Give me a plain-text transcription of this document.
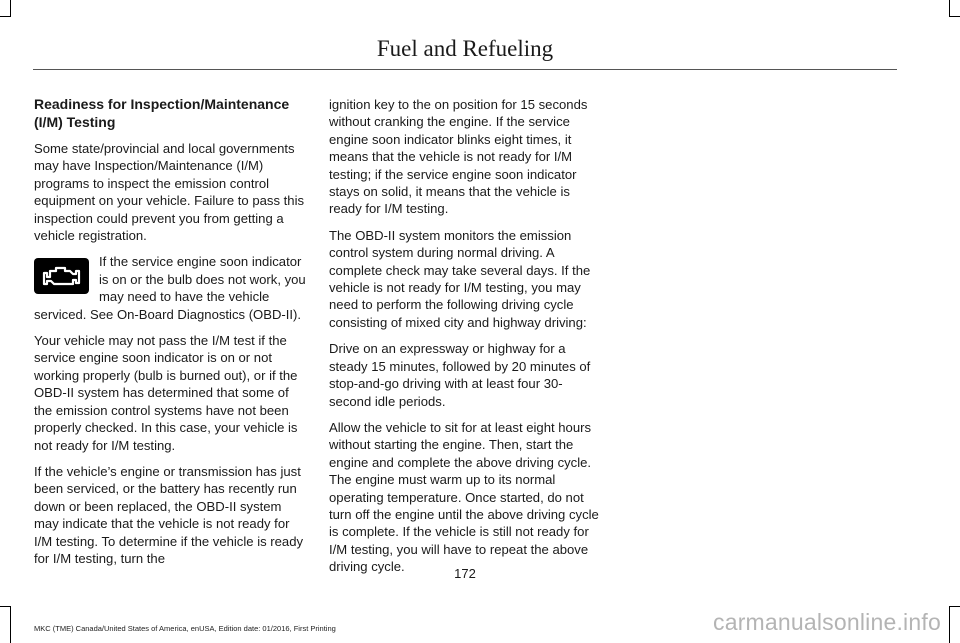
Fuel and Refueling
Readiness for Inspection/Maintenance (I/M) Testing

Some state/provincial and local governments may have Inspection/Maintenance (I/M) programs to inspect the emission control equipment on your vehicle. Failure to pass this inspection could prevent you from getting a vehicle registration.

If the service engine soon indicator is on or the bulb does not work, you may need to have the vehicle serviced. See On-Board Diagnostics (OBD-II).

Your vehicle may not pass the I/M test if the service engine soon indicator is on or not working properly (bulb is burned out), or if the OBD-II system has determined that some of the emission control systems have not been properly checked. In this case, your vehicle is not ready for I/M testing.

If the vehicle’s engine or transmission has just been serviced, or the battery has recently run down or been replaced, the OBD-II system may indicate that the vehicle is not ready for I/M testing. To determine if the vehicle is ready for I/M testing, turn the

ignition key to the on position for 15 seconds without cranking the engine. If the service engine soon indicator blinks eight times, it means that the vehicle is not ready for I/M testing; if the service engine soon indicator stays on solid, it means that the vehicle is ready for I/M testing.

The OBD-II system monitors the emission control system during normal driving. A complete check may take several days. If the vehicle is not ready for I/M testing, you may need to perform the following driving cycle consisting of mixed city and highway driving:

Drive on an expressway or highway for a steady 15 minutes, followed by 20 minutes of stop-and-go driving with at least four 30-second idle periods.

Allow the vehicle to sit for at least eight hours without starting the engine. Then, start the engine and complete the above driving cycle. The engine must warm up to its normal operating temperature. Once started, do not turn off the engine until the above driving cycle is complete. If the vehicle is still not ready for I/M testing, you will have to repeat the above driving cycle.	172
MKC (TME) Canada/United States of America, enUSA, Edition date: 01/2016, First Printing	carmanualsonline.info
